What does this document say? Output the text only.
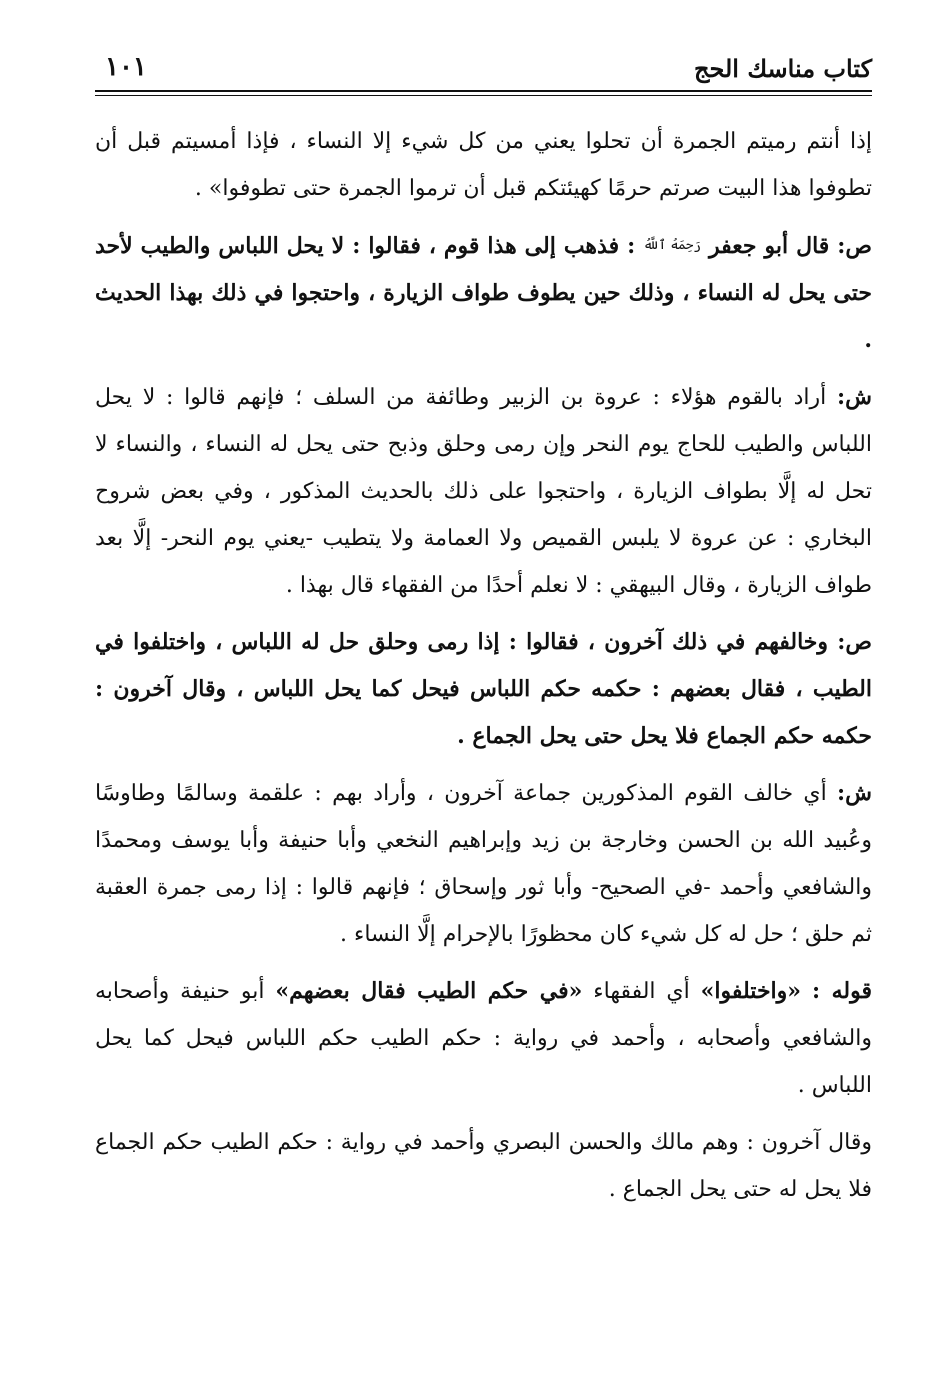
كتاب مناسك الحج
١٠١

إذا أنتم رميتم الجمرة أن تحلوا يعني من كل شيء إلا النساء ، فإذا أمسيتم قبل أن تطوفوا هذا البيت صرتم حرمًا كهيئتكم قبل أن ترموا الجمرة حتى تطوفوا» .

ص: قال أبو جعفر رَحِمَهُ ٱللَّهُ : فذهب إلى هذا قوم ، فقالوا : لا يحل اللباس والطيب لأحد حتى يحل له النساء ، وذلك حين يطوف طواف الزيارة ، واحتجوا في ذلك بهذا الحديث .

ش: أراد بالقوم هؤلاء : عروة بن الزبير وطائفة من السلف ؛ فإنهم قالوا : لا يحل اللباس والطيب للحاج يوم النحر وإن رمى وحلق وذبح حتى يحل له النساء ، والنساء لا تحل له إلَّا بطواف الزيارة ، واحتجوا على ذلك بالحديث المذكور ، وفي بعض شروح البخاري : عن عروة لا يلبس القميص ولا العمامة ولا يتطيب -يعني يوم النحر- إلَّا بعد طواف الزيارة ، وقال البيهقي : لا نعلم أحدًا من الفقهاء قال بهذا .

ص: وخالفهم في ذلك آخرون ، فقالوا : إذا رمى وحلق حل له اللباس ، واختلفوا في الطيب ، فقال بعضهم : حكمه حكم اللباس فيحل كما يحل اللباس ، وقال آخرون : حكمه حكم الجماع فلا يحل حتى يحل الجماع .

ش: أي خالف القوم المذكورين جماعة آخرون ، وأراد بهم : علقمة وسالمًا وطاوسًا وعُبيد الله بن الحسن وخارجة بن زيد وإبراهيم النخعي وأبا حنيفة وأبا يوسف ومحمدًا والشافعي وأحمد -في الصحيح- وأبا ثور وإسحاق ؛ فإنهم قالوا : إذا رمى جمرة العقبة ثم حلق ؛ حل له كل شيء كان محظورًا بالإحرام إلَّا النساء .

قوله : «واختلفوا» أي الفقهاء «في حكم الطيب فقال بعضهم» أبو حنيفة وأصحابه والشافعي وأصحابه ، وأحمد في رواية : حكم الطيب حكم اللباس فيحل كما يحل اللباس .

وقال آخرون : وهم مالك والحسن البصري وأحمد في رواية : حكم الطيب حكم الجماع فلا يحل له حتى يحل الجماع .
